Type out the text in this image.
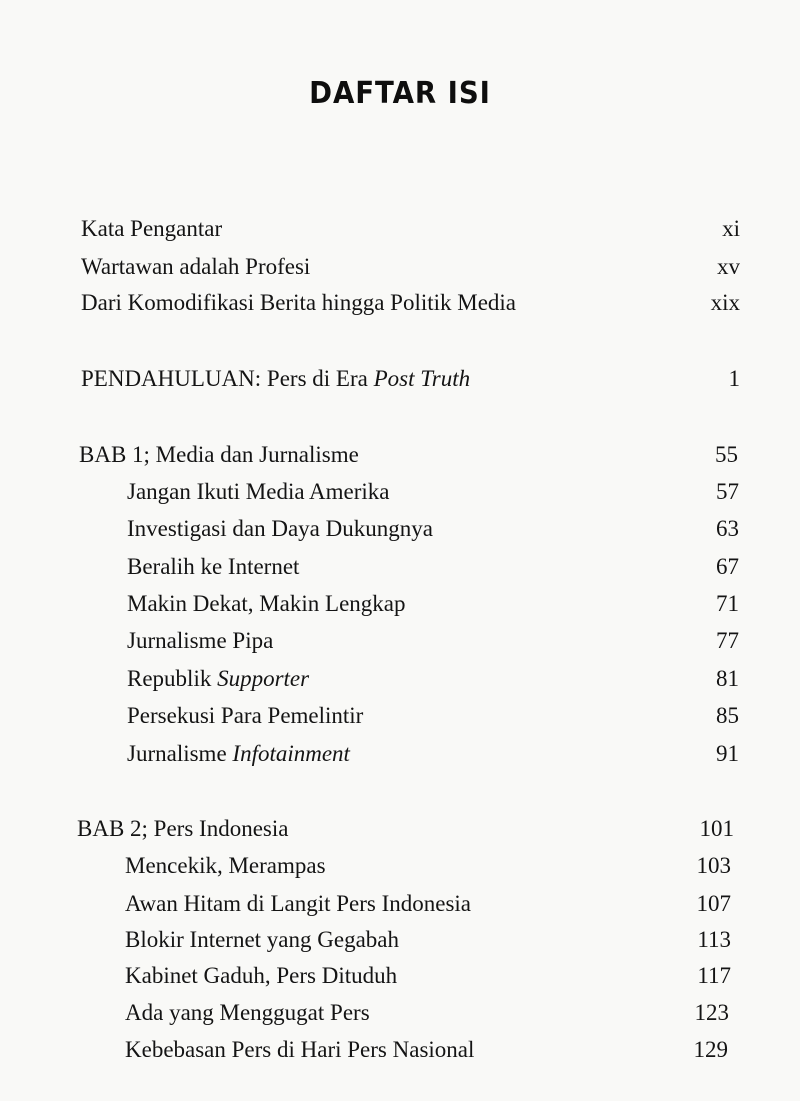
DAFTAR ISI
Kata Pengantar	xi
Wartawan adalah Profesi	xv
Dari Komodifikasi Berita hingga Politik Media	xix
PENDAHULUAN: Pers di Era Post Truth	1
BAB 1; Media dan Jurnalisme	55
Jangan Ikuti Media Amerika	57
Investigasi dan Daya Dukungnya	63
Beralih ke Internet	67
Makin Dekat, Makin Lengkap	71
Jurnalisme Pipa	77
Republik Supporter	81
Persekusi Para Pemelintir	85
Jurnalisme Infotainment	91
BAB 2; Pers Indonesia	101
Mencekik, Merampas	103
Awan Hitam di Langit Pers Indonesia	107
Blokir Internet yang Gegabah	113
Kabinet Gaduh, Pers Dituduh	117
Ada yang Menggugat Pers	123
Kebebasan Pers di Hari Pers Nasional	129
